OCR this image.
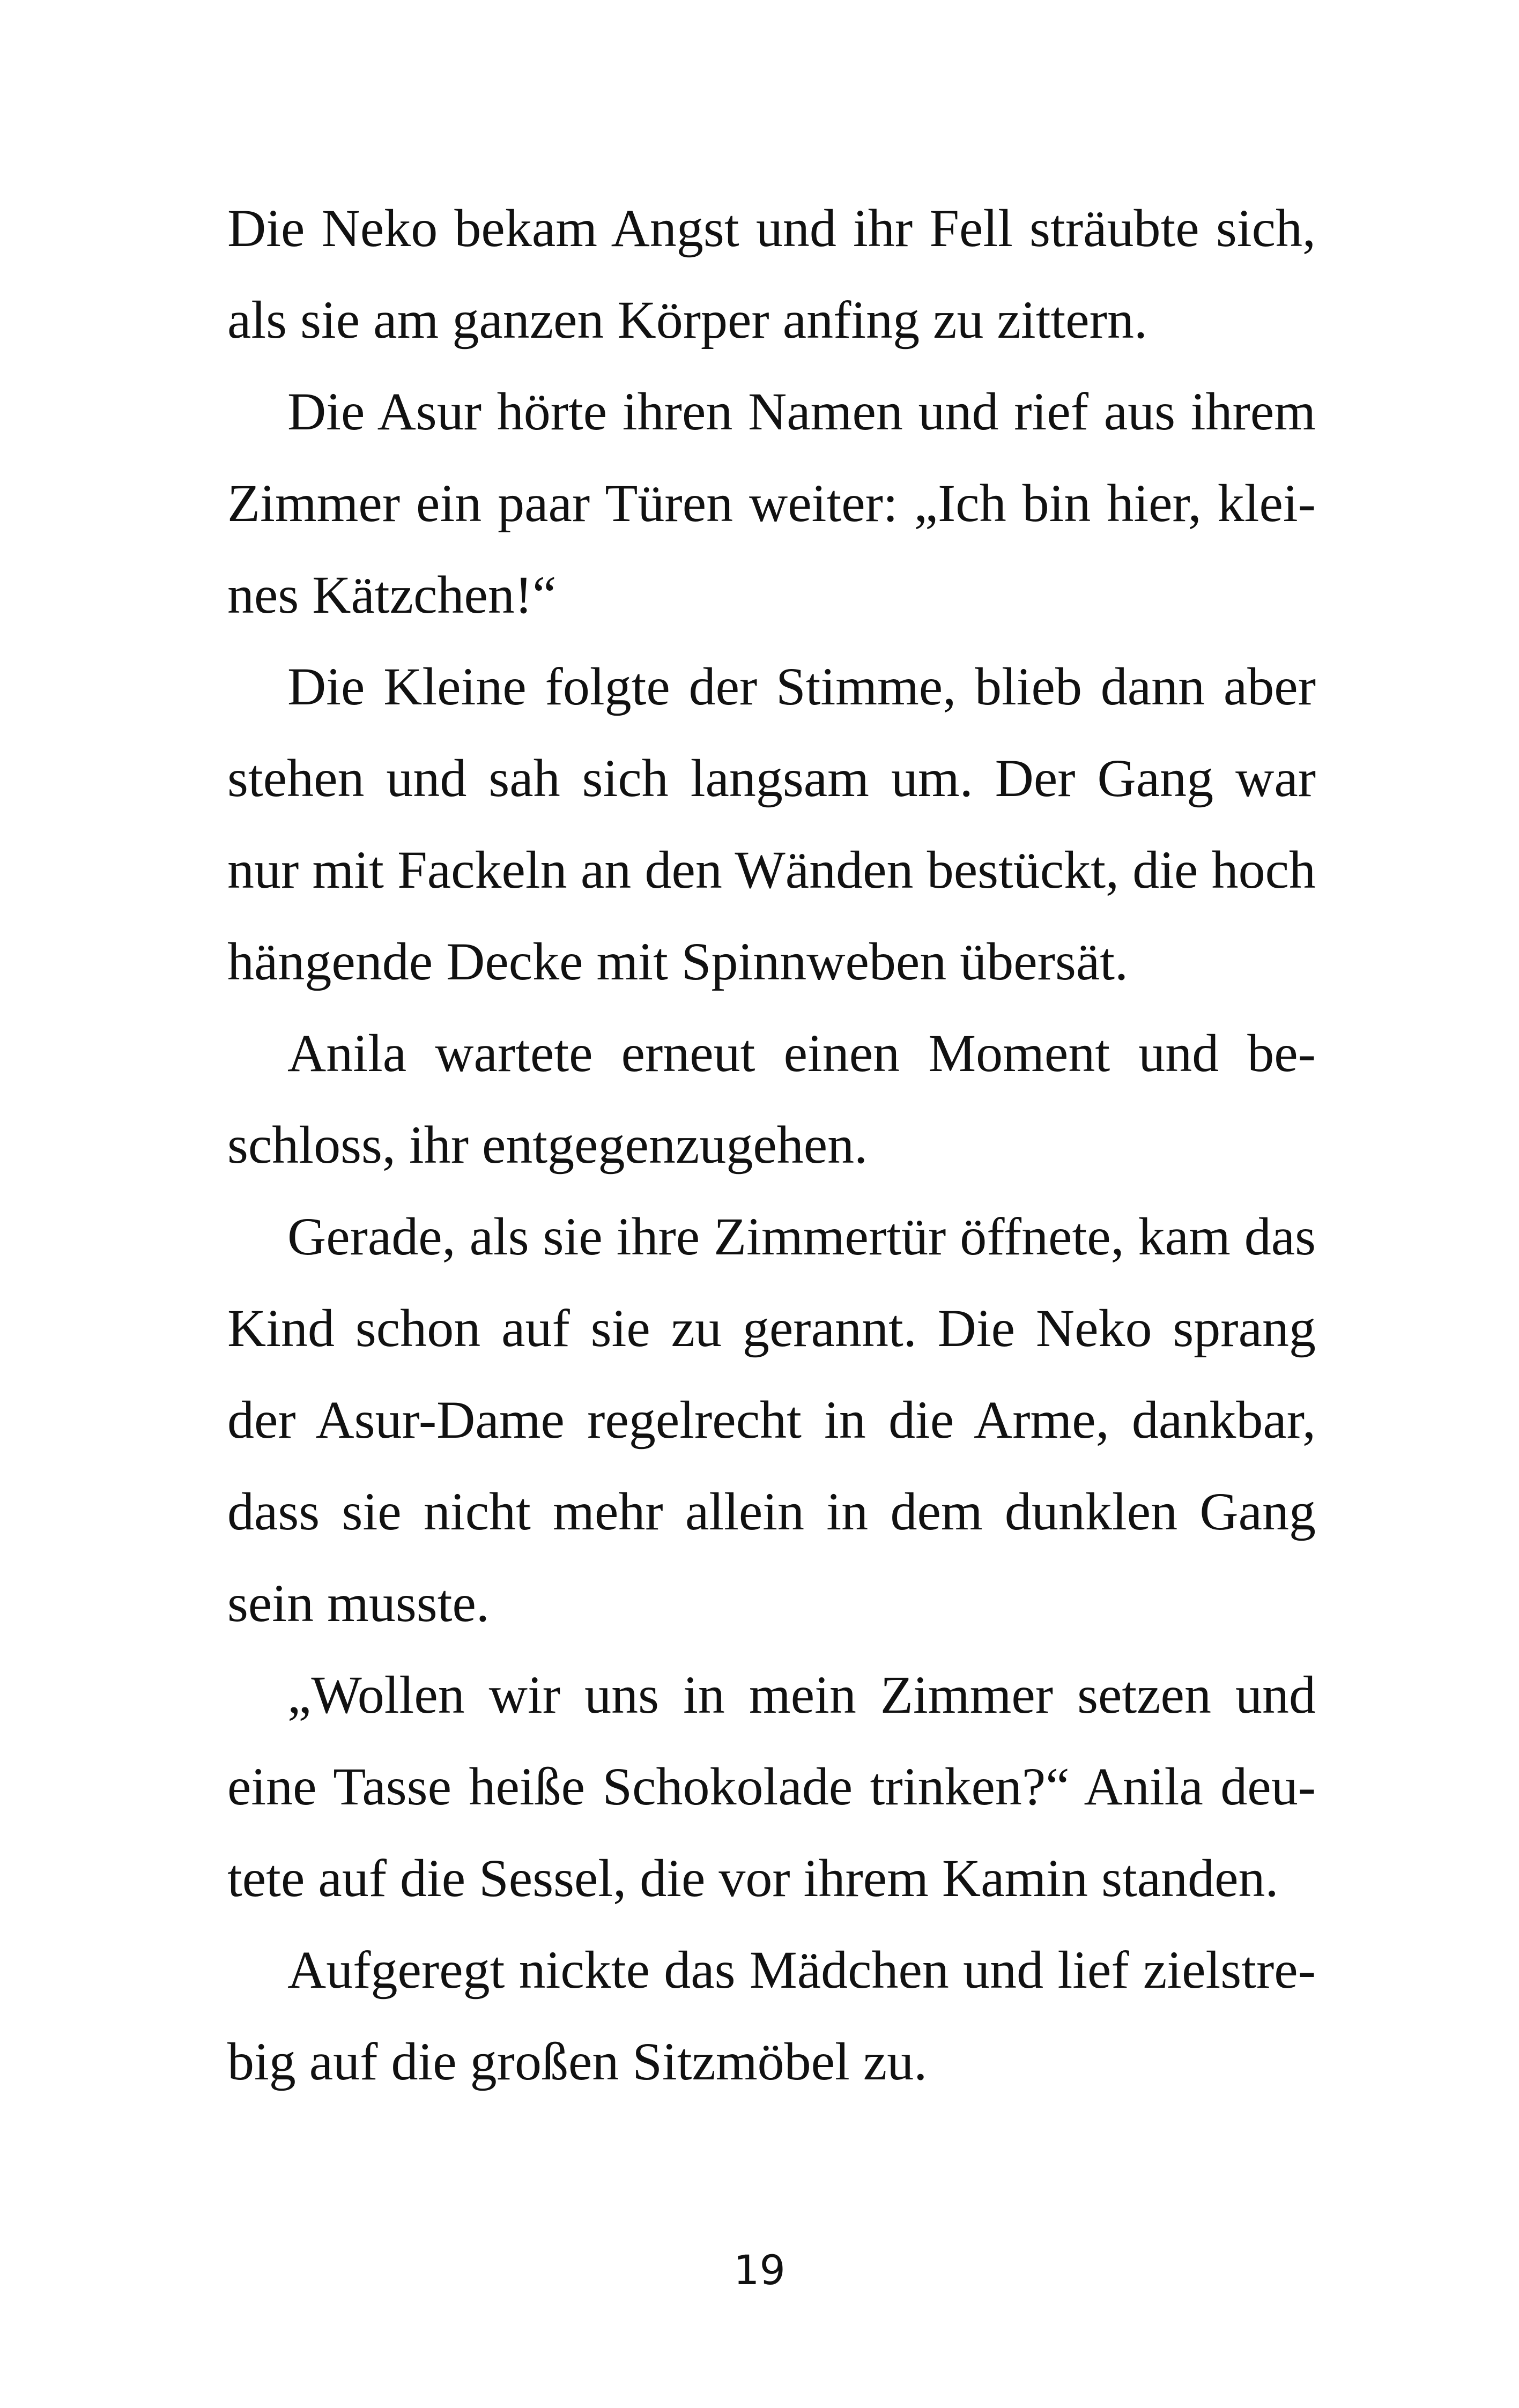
Die Neko bekam Angst und ihr Fell sträubte sich,
als sie am ganzen Körper anfing zu zittern.
Die Asur hörte ihren Namen und rief aus ihrem
Zimmer ein paar Türen weiter: „Ich bin hier, klei-
nes Kätzchen!“
Die Kleine folgte der Stimme, blieb dann aber
stehen und sah sich langsam um. Der Gang war
nur mit Fackeln an den Wänden bestückt, die hoch
hängende Decke mit Spinnweben übersät.
Anila wartete erneut einen Moment und be-
schloss, ihr entgegenzugehen.
Gerade, als sie ihre Zimmertür öffnete, kam das
Kind schon auf sie zu gerannt. Die Neko sprang
der Asur-Dame regelrecht in die Arme, dankbar,
dass sie nicht mehr allein in dem dunklen Gang
sein musste.
„Wollen wir uns in mein Zimmer setzen und
eine Tasse heiße Schokolade trinken?“ Anila deu-
tete auf die Sessel, die vor ihrem Kamin standen.
Aufgeregt nickte das Mädchen und lief zielstre-
big auf die großen Sitzmöbel zu.
19
